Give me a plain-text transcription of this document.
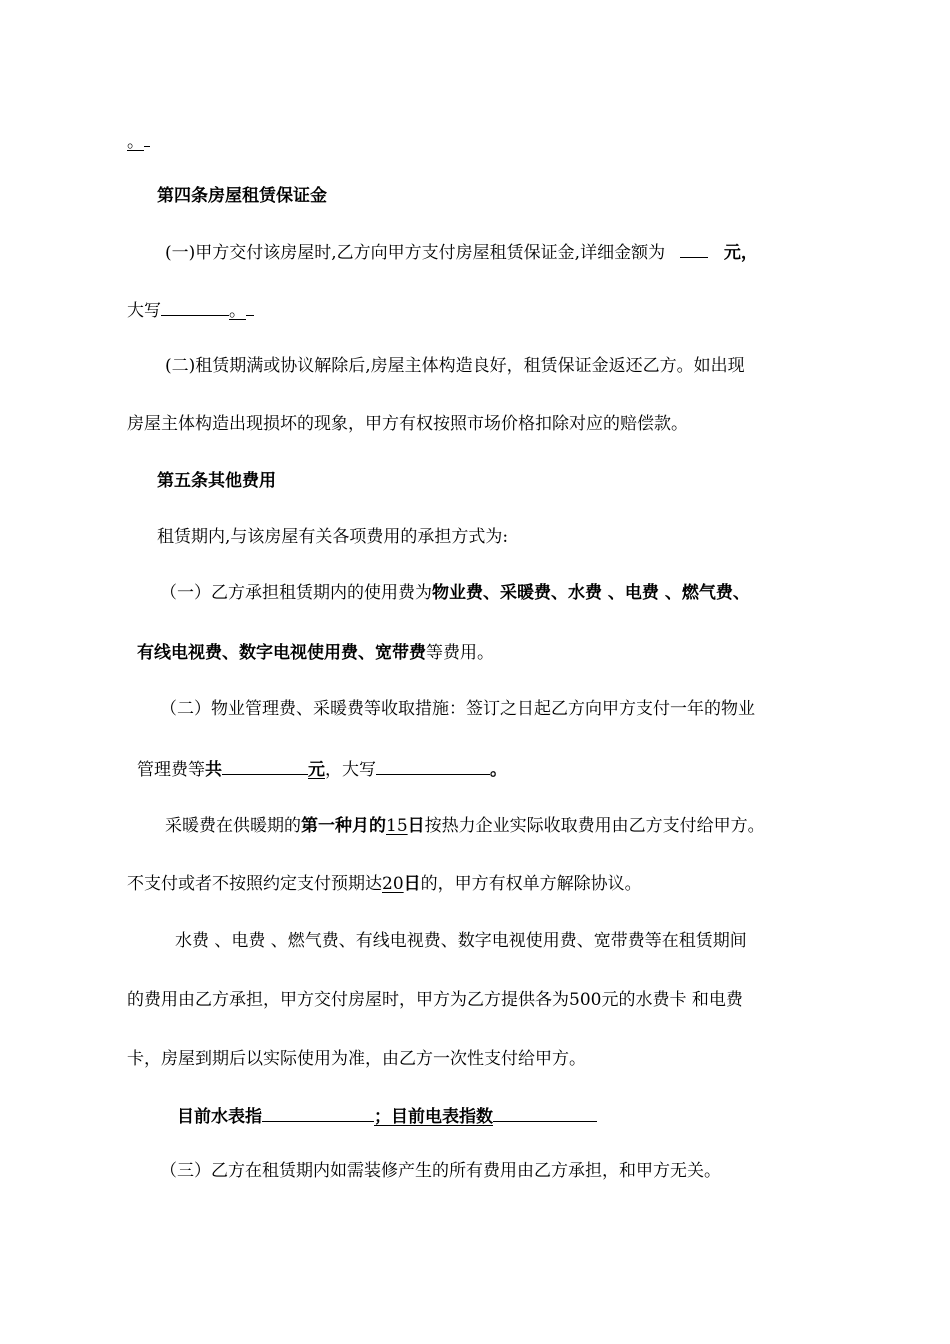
。
第四条房屋租赁保证金
(一)甲方交付该房屋时,乙方向甲方支付房屋租赁保证金,详细金额为	元，
大写	。
(二)租赁期满或协议解除后,房屋主体构造良好，租赁保证金返还乙方。如出现
房屋主体构造出现损坏的现象，甲方有权按照市场价格扣除对应的赔偿款。
第五条其他费用
租赁期内,与该房屋有关各项费用的承担方式为:
（一）乙方承担租赁期内的使用费为物业费、采暖费、水费 、电费 、燃气费、
有线电视费、数字电视使用费、宽带费等费用。
（二）物业管理费、采暖费等收取措施：签订之日起乙方向甲方支付一年的物业
管理费等共	元，大写	。
采暖费在供暖期的第一种月的15日按热力企业实际收取费用由乙方支付给甲方。
不支付或者不按照约定支付预期达20日的，甲方有权单方解除协议。
水费 、电费 、燃气费、有线电视费、数字电视使用费、宽带费等在租赁期间
的费用由乙方承担，甲方交付房屋时，甲方为乙方提供各为500元的水费卡 和电费
卡，房屋到期后以实际使用为准，由乙方一次性支付给甲方。
目前水表指	；目前电表指数
（三）乙方在租赁期内如需装修产生的所有费用由乙方承担，和甲方无关。
